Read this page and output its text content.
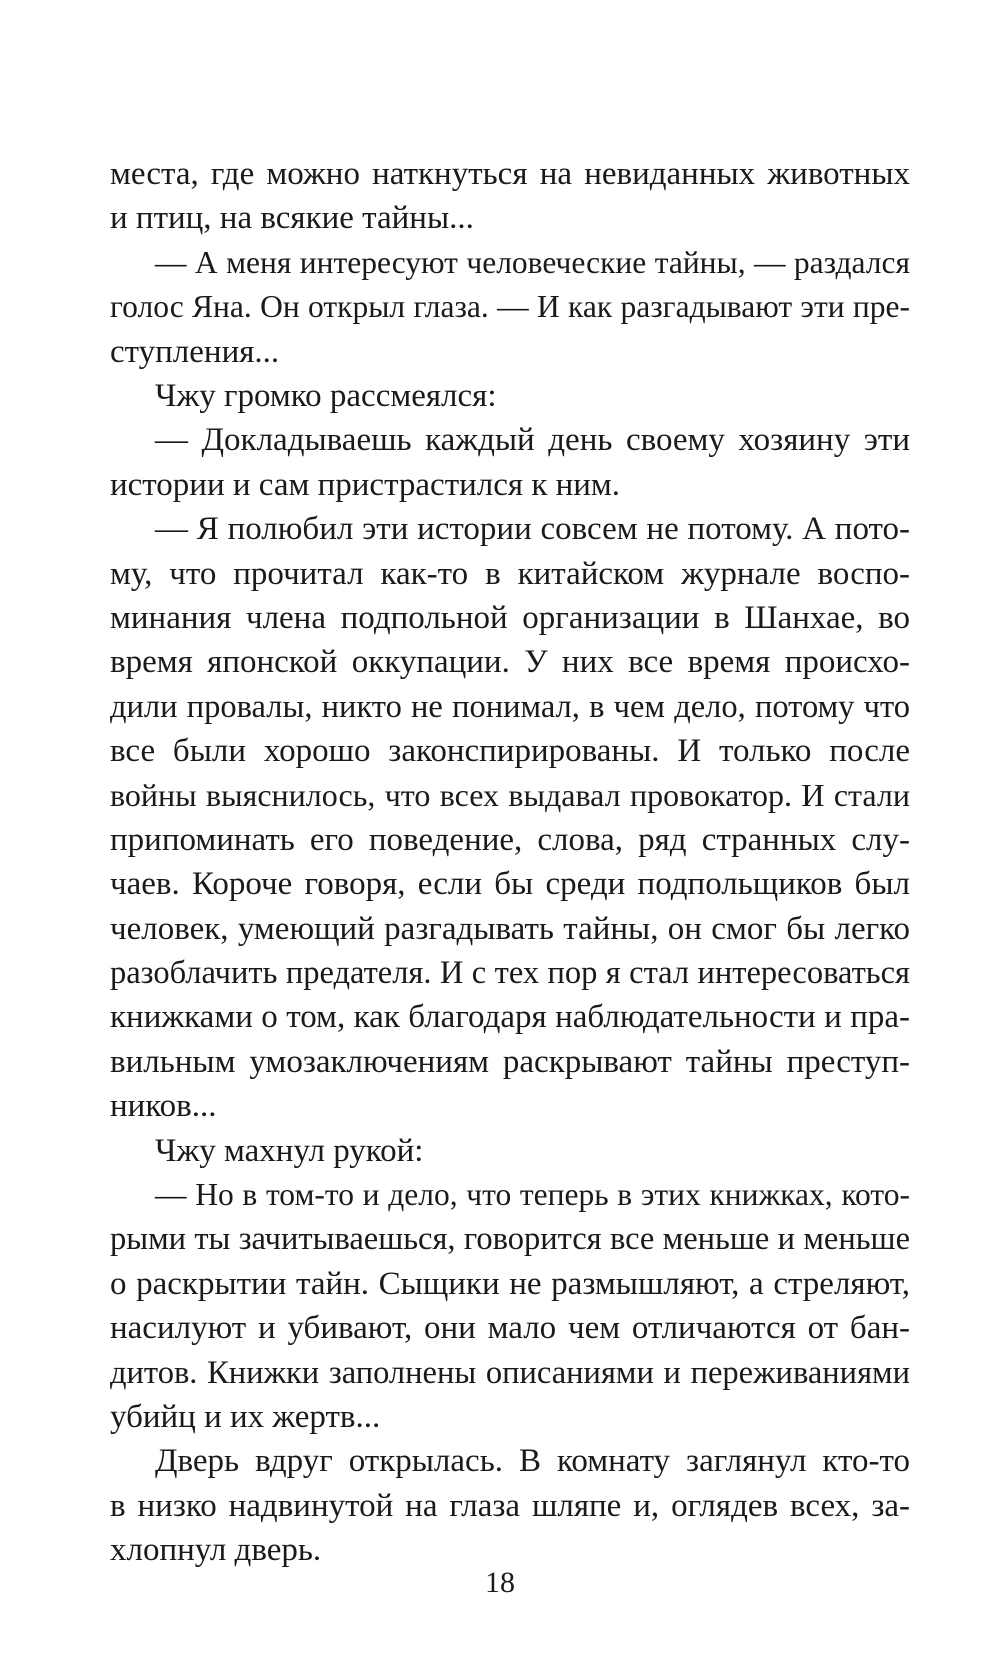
места, где можно наткнуться на невиданных животных
и птиц, на всякие тайны...
— А меня интересуют человеческие тайны, — раздался
голос Яна. Он открыл глаза. — И как разгадывают эти пре-
ступления...
Чжу громко рассмеялся:
— Докладываешь каждый день своему хозяину эти
истории и сам пристрастился к ним.
— Я полюбил эти истории совсем не потому. А пото-
му, что прочитал как-то в китайском журнале воспо-
минания члена подпольной организации в Шанхае, во
время японской оккупации. У них все время происхо-
дили провалы, никто не понимал, в чем дело, потому что
все были хорошо законспирированы. И только после
войны выяснилось, что всех выдавал провокатор. И стали
припоминать его поведение, слова, ряд странных слу-
чаев. Короче говоря, если бы среди подпольщиков был
человек, умеющий разгадывать тайны, он смог бы легко
разоблачить предателя. И с тех пор я стал интересоваться
книжками о том, как благодаря наблюдательности и пра-
вильным умозаключениям раскрывают тайны преступ-
ников...
Чжу махнул рукой:
— Но в том-то и дело, что теперь в этих книжках, кото-
рыми ты зачитываешься, говорится все меньше и меньше
о раскрытии тайн. Сыщики не размышляют, а стреляют,
насилуют и убивают, они мало чем отличаются от бан-
дитов. Книжки заполнены описаниями и переживаниями
убийц и их жертв...
Дверь вдруг открылась. В комнату заглянул кто-то
в низко надвинутой на глаза шляпе и, оглядев всех, за-
хлопнул дверь.
18
